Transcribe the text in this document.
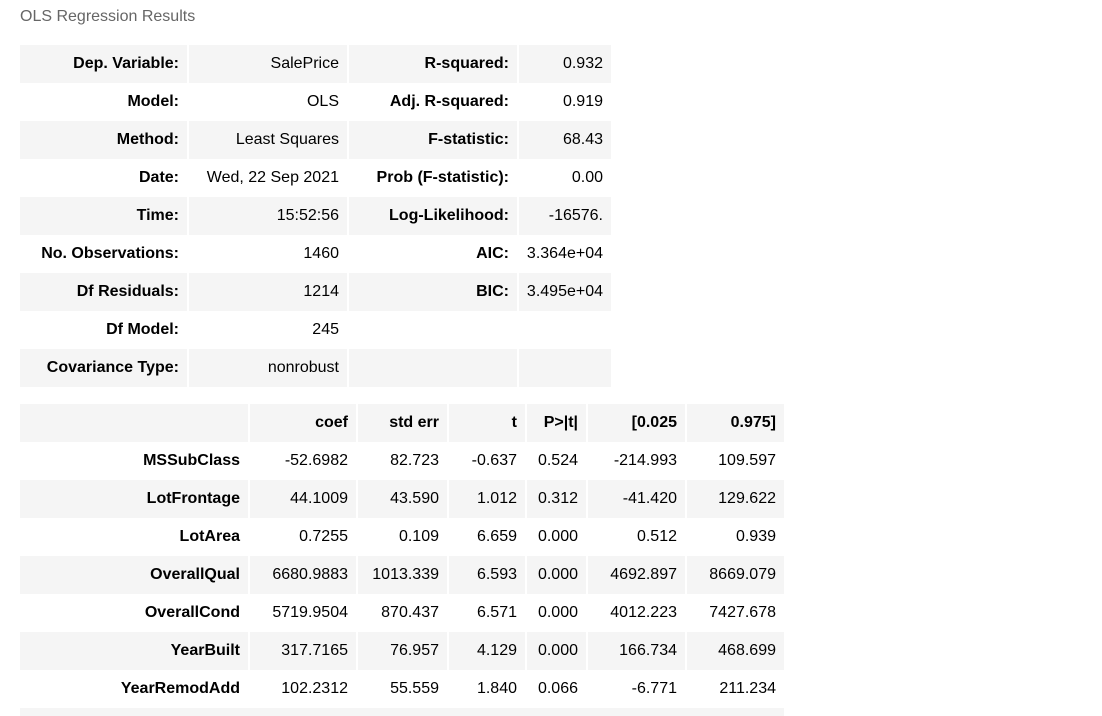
OLS Regression Results
Dep. Variable:	SalePrice	R-squared:	0.932
Model:	OLS	Adj. R-squared:	0.919
Method:	Least Squares	F-statistic:	68.43
Date:	Wed, 22 Sep 2021	Prob (F-statistic):	0.00
Time:	15:52:56	Log-Likelihood:	-16576.
No. Observations:	1460	AIC:	3.364e+04
Df Residuals:	1214	BIC:	3.495e+04
Df Model:	245		
Covariance Type:	nonrobust		
	coef	std err	t	P>|t|	[0.025	0.975]
MSSubClass	-52.6982	82.723	-0.637	0.524	-214.993	109.597
LotFrontage	44.1009	43.590	1.012	0.312	-41.420	129.622
LotArea	0.7255	0.109	6.659	0.000	0.512	0.939
OverallQual	6680.9883	1013.339	6.593	0.000	4692.897	8669.079
OverallCond	5719.9504	870.437	6.571	0.000	4012.223	7427.678
YearBuilt	317.7165	76.957	4.129	0.000	166.734	468.699
YearRemodAdd	102.2312	55.559	1.840	0.066	-6.771	211.234
